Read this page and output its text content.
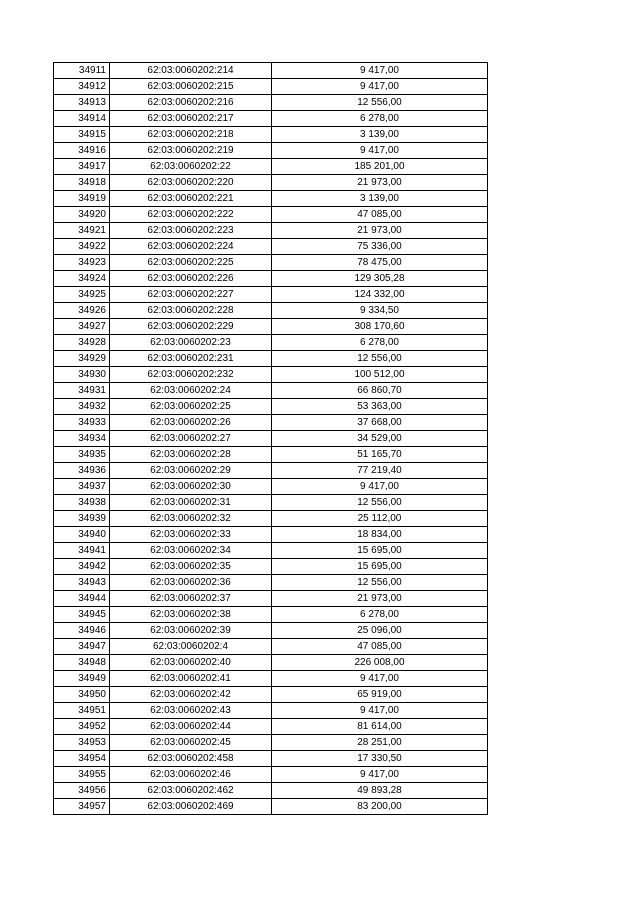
34911	62:03:0060202:214	9 417,00
34912	62:03:0060202:215	9 417,00
34913	62:03:0060202:216	12 556,00
34914	62:03:0060202:217	6 278,00
34915	62:03:0060202:218	3 139,00
34916	62:03:0060202:219	9 417,00
34917	62:03:0060202:22	185 201,00
34918	62:03:0060202:220	21 973,00
34919	62:03:0060202:221	3 139,00
34920	62:03:0060202:222	47 085,00
34921	62:03:0060202:223	21 973,00
34922	62:03:0060202:224	75 336,00
34923	62:03:0060202:225	78 475,00
34924	62:03:0060202:226	129 305,28
34925	62:03:0060202:227	124 332,00
34926	62:03:0060202:228	9 334,50
34927	62:03:0060202:229	308 170,60
34928	62:03:0060202:23	6 278,00
34929	62:03:0060202:231	12 556,00
34930	62:03:0060202:232	100 512,00
34931	62:03:0060202:24	66 860,70
34932	62:03:0060202:25	53 363,00
34933	62:03:0060202:26	37 668,00
34934	62:03:0060202:27	34 529,00
34935	62:03:0060202:28	51 165,70
34936	62:03:0060202:29	77 219,40
34937	62:03:0060202:30	9 417,00
34938	62:03:0060202:31	12 556,00
34939	62:03:0060202:32	25 112,00
34940	62:03:0060202:33	18 834,00
34941	62:03:0060202:34	15 695,00
34942	62:03:0060202:35	15 695,00
34943	62:03:0060202:36	12 556,00
34944	62:03:0060202:37	21 973,00
34945	62:03:0060202:38	6 278,00
34946	62:03:0060202:39	25 096,00
34947	62:03:0060202:4	47 085,00
34948	62:03:0060202:40	226 008,00
34949	62:03:0060202:41	9 417,00
34950	62:03:0060202:42	65 919,00
34951	62:03:0060202:43	9 417,00
34952	62:03:0060202:44	81 614,00
34953	62:03:0060202:45	28 251,00
34954	62:03:0060202:458	17 330,50
34955	62:03:0060202:46	9 417,00
34956	62:03:0060202:462	49 893,28
34957	62:03:0060202:469	83 200,00
